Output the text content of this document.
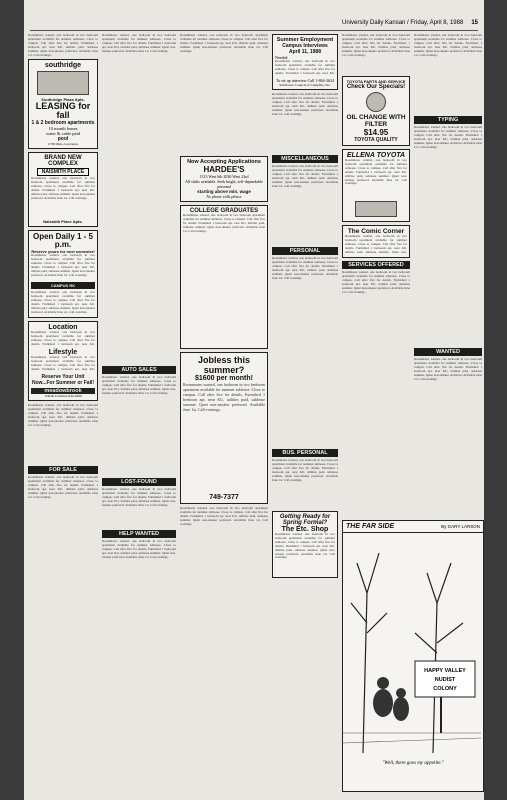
University Daily Kansan / Friday, April 8, 1988 15

Roommates wanted, one bedroom in two bedroom apartment available for summer sublease. Close to campus. Call after five for details. Furnished 1 bedroom apt. near KU, utilities paid, sublease summer. Quiet non-smoker preferred. Available June 1st. Call evenings.

southridge
Southridge Plaza Apts.
LEASING for fall
1 & 2 bedroom apartments
10 month leases
water & cable paid
pool
1730 Ohio, Lawrence
BRAND NEW COMPLEX
NAISMITH PLACE
Roommates wanted, one bedroom in two bedroom apartment available for summer sublease. Close to campus. Call after five for details. Furnished 1 bedroom apt. near KU, utilities paid, sublease summer. Quiet non-smoker preferred. Available June 1st. Call evenings.
Naismith Place Apts.
Open Daily 1 - 5 p.m.
Reserve yours for next semester!
Roommates wanted, one bedroom in two bedroom apartment available for summer sublease. Close to campus. Call after five for details. Furnished 1 bedroom apt. near KU, utilities paid, sublease summer. Quiet non-smoker preferred. Available June 1st. Call evenings.
CAMPUS RK
Roommates wanted, one bedroom in two bedroom apartment available for summer sublease. Close to campus. Call after five for details. Furnished 1 bedroom apt. near KU, utilities paid, sublease summer. Quiet non-smoker preferred. Available June 1st. Call evenings.
Location
Roommates wanted, one bedroom in two bedroom apartment available for summer sublease. Close to campus. Call after five for details. Furnished 1 bedroom apt. near KU,
Lifestyle
Roommates wanted, one bedroom in two bedroom apartment available for summer sublease. Close to campus. Call after five for details. Furnished 1 bedroom apt. near KU,
Reserve Your Unit Now...For Summer or Fall!
meadowbrook
15th & Crestline 842-4200

Roommates wanted, one bedroom in two bedroom apartment available for summer sublease. Close to campus. Call after five for details. Furnished 1 bedroom apt. near KU, utilities paid, sublease summer. Quiet non-smoker preferred. Available June 1st. Call evenings.

FOR SALE

Roommates wanted, one bedroom in two bedroom apartment available for summer sublease. Close to campus. Call after five for details. Furnished 1 bedroom apt. near KU, utilities paid, sublease summer. Quiet non-smoker preferred. Available June 1st. Call evenings.

Roommates wanted, one bedroom in two bedroom apartment available for summer sublease. Close to campus. Call after five for details. Furnished 1 bedroom apt. near KU, utilities paid, sublease summer. Quiet non-smoker preferred. Available June 1st. Call evenings.

AUTO SALES

Roommates wanted, one bedroom in two bedroom apartment available for summer sublease. Close to campus. Call after five for details. Furnished 1 bedroom apt. near KU, utilities paid, sublease summer. Quiet non-smoker preferred. Available June 1st. Call evenings.

LOST-FOUND

Roommates wanted, one bedroom in two bedroom apartment available for summer sublease. Close to campus. Call after five for details. Furnished 1 bedroom apt. near KU, utilities paid, sublease summer. Quiet non-smoker preferred. Available June 1st. Call evenings.

HELP WANTED

Roommates wanted, one bedroom in two bedroom apartment available for summer sublease. Close to campus. Call after five for details. Furnished 1 bedroom apt. near KU, utilities paid, sublease summer. Quiet non-smoker preferred. Available June 1st. Call evenings.

Roommates wanted, one bedroom in two bedroom apartment available for summer sublease. Close to campus. Call after five for details. Furnished 1 bedroom apt. near KU, utilities paid, sublease summer. Quiet non-smoker preferred. Available June 1st. Call evenings.

Now Accepting Applications
HARDEE'S
1313 West 6th 2030 West 23rd
All shifts available. Seek bright, self-dependable personal
starting above min. wage
No phone calls please
COLLEGE GRADUATES

Roommates wanted, one bedroom in two bedroom apartment available for summer sublease. Close to campus. Call after five for details. Furnished 1 bedroom apt. near KU, utilities paid, sublease summer. Quiet non-smoker preferred. Available June 1st. Call evenings.

Jobless this summer?
$1600 per month!

Roommates wanted, one bedroom in two bedroom apartment available for summer sublease. Close to campus. Call after five for details. Furnished 1 bedroom apt. near KU, utilities paid, sublease summer. Quiet non-smoker preferred. Available June 1st. Call evenings.

749-7377

Roommates wanted, one bedroom in two bedroom apartment available for summer sublease. Close to campus. Call after five for details. Furnished 1 bedroom apt. near KU, utilities paid, sublease summer. Quiet non-smoker preferred. Available June 1st. Call evenings.

Summer Employment
Campus Interviews
April 11, 1988
Needed:

Roommates wanted, one bedroom in two bedroom apartment available for summer sublease. Close to campus. Call after five for details. Furnished 1 bedroom apt. near KU,

To set up interview Call 1-864-3624
Sunflower Council of Campfire, Inc.

Roommates wanted, one bedroom in two bedroom apartment available for summer sublease. Close to campus. Call after five for details. Furnished 1 bedroom apt. near KU, utilities paid, sublease summer. Quiet non-smoker preferred. Available June 1st. Call evenings.

MISCELLANEOUS

Roommates wanted, one bedroom in two bedroom apartment available for summer sublease. Close to campus. Call after five for details. Furnished 1 bedroom apt. near KU, utilities paid, sublease summer. Quiet non-smoker preferred. Available June 1st. Call evenings.

PERSONAL

Roommates wanted, one bedroom in two bedroom apartment available for summer sublease. Close to campus. Call after five for details. Furnished 1 bedroom apt. near KU, utilities paid, sublease summer. Quiet non-smoker preferred. Available June 1st. Call evenings.

BUS. PERSONAL

Roommates wanted, one bedroom in two bedroom apartment available for summer sublease. Close to campus. Call after five for details. Furnished 1 bedroom apt. near KU, utilities paid, sublease summer. Quiet non-smoker preferred. Available June 1st. Call evenings.

Getting Ready for Spring Formal?
The Etc. Shop

Roommates wanted, one bedroom in two bedroom apartment available for summer sublease. Close to campus. Call after five for details. Furnished 1 bedroom apt. near KU, utilities paid, sublease summer. Quiet non-smoker preferred. Available June 1st. Call evenings.

Roommates wanted, one bedroom in two bedroom apartment available for summer sublease. Close to campus. Call after five for details. Furnished 1 bedroom apt. near KU, utilities paid, sublease summer. Quiet non-smoker preferred. Available June 1st. Call evenings.

TOYOTA PARTS AND SERVICE
Check Our Specials!
OIL CHANGE WITH FILTER
$14.95
TOYOTA QUALITY
ELLENA TOYOTA

Roommates wanted, one bedroom in two bedroom apartment available for summer sublease. Close to campus. Call after five for details. Furnished 1 bedroom apt. near KU, utilities paid, sublease summer. Quiet non-smoker preferred. Available June 1st. Call evenings.

The Comic Corner

Roommates wanted, one bedroom in two bedroom apartment available for summer sublease. Close to campus. Call after five for details. Furnished 1 bedroom apt. near KU, utilities paid, sublease summer. Quiet non-

SERVICES OFFERED

Roommates wanted, one bedroom in two bedroom apartment available for summer sublease. Close to campus. Call after five for details. Furnished 1 bedroom apt. near KU, utilities paid, sublease summer. Quiet non-smoker preferred. Available June 1st. Call evenings.

Roommates wanted, one bedroom in two bedroom apartment available for summer sublease. Close to campus. Call after five for details. Furnished 1 bedroom apt. near KU, utilities paid, sublease summer. Quiet non-smoker preferred. Available June 1st. Call evenings.

TYPING

Roommates wanted, one bedroom in two bedroom apartment available for summer sublease. Close to campus. Call after five for details. Furnished 1 bedroom apt. near KU, utilities paid, sublease summer. Quiet non-smoker preferred. Available June 1st. Call evenings.

WANTED

Roommates wanted, one bedroom in two bedroom apartment available for summer sublease. Close to campus. Call after five for details. Furnished 1 bedroom apt. near KU, utilities paid, sublease summer. Quiet non-smoker preferred. Available June 1st. Call evenings.

THE FAR SIDE	By GARY LARSON
HAPPY VALLEY
NUDIST
COLONY
"Well, there goes my appetite."
